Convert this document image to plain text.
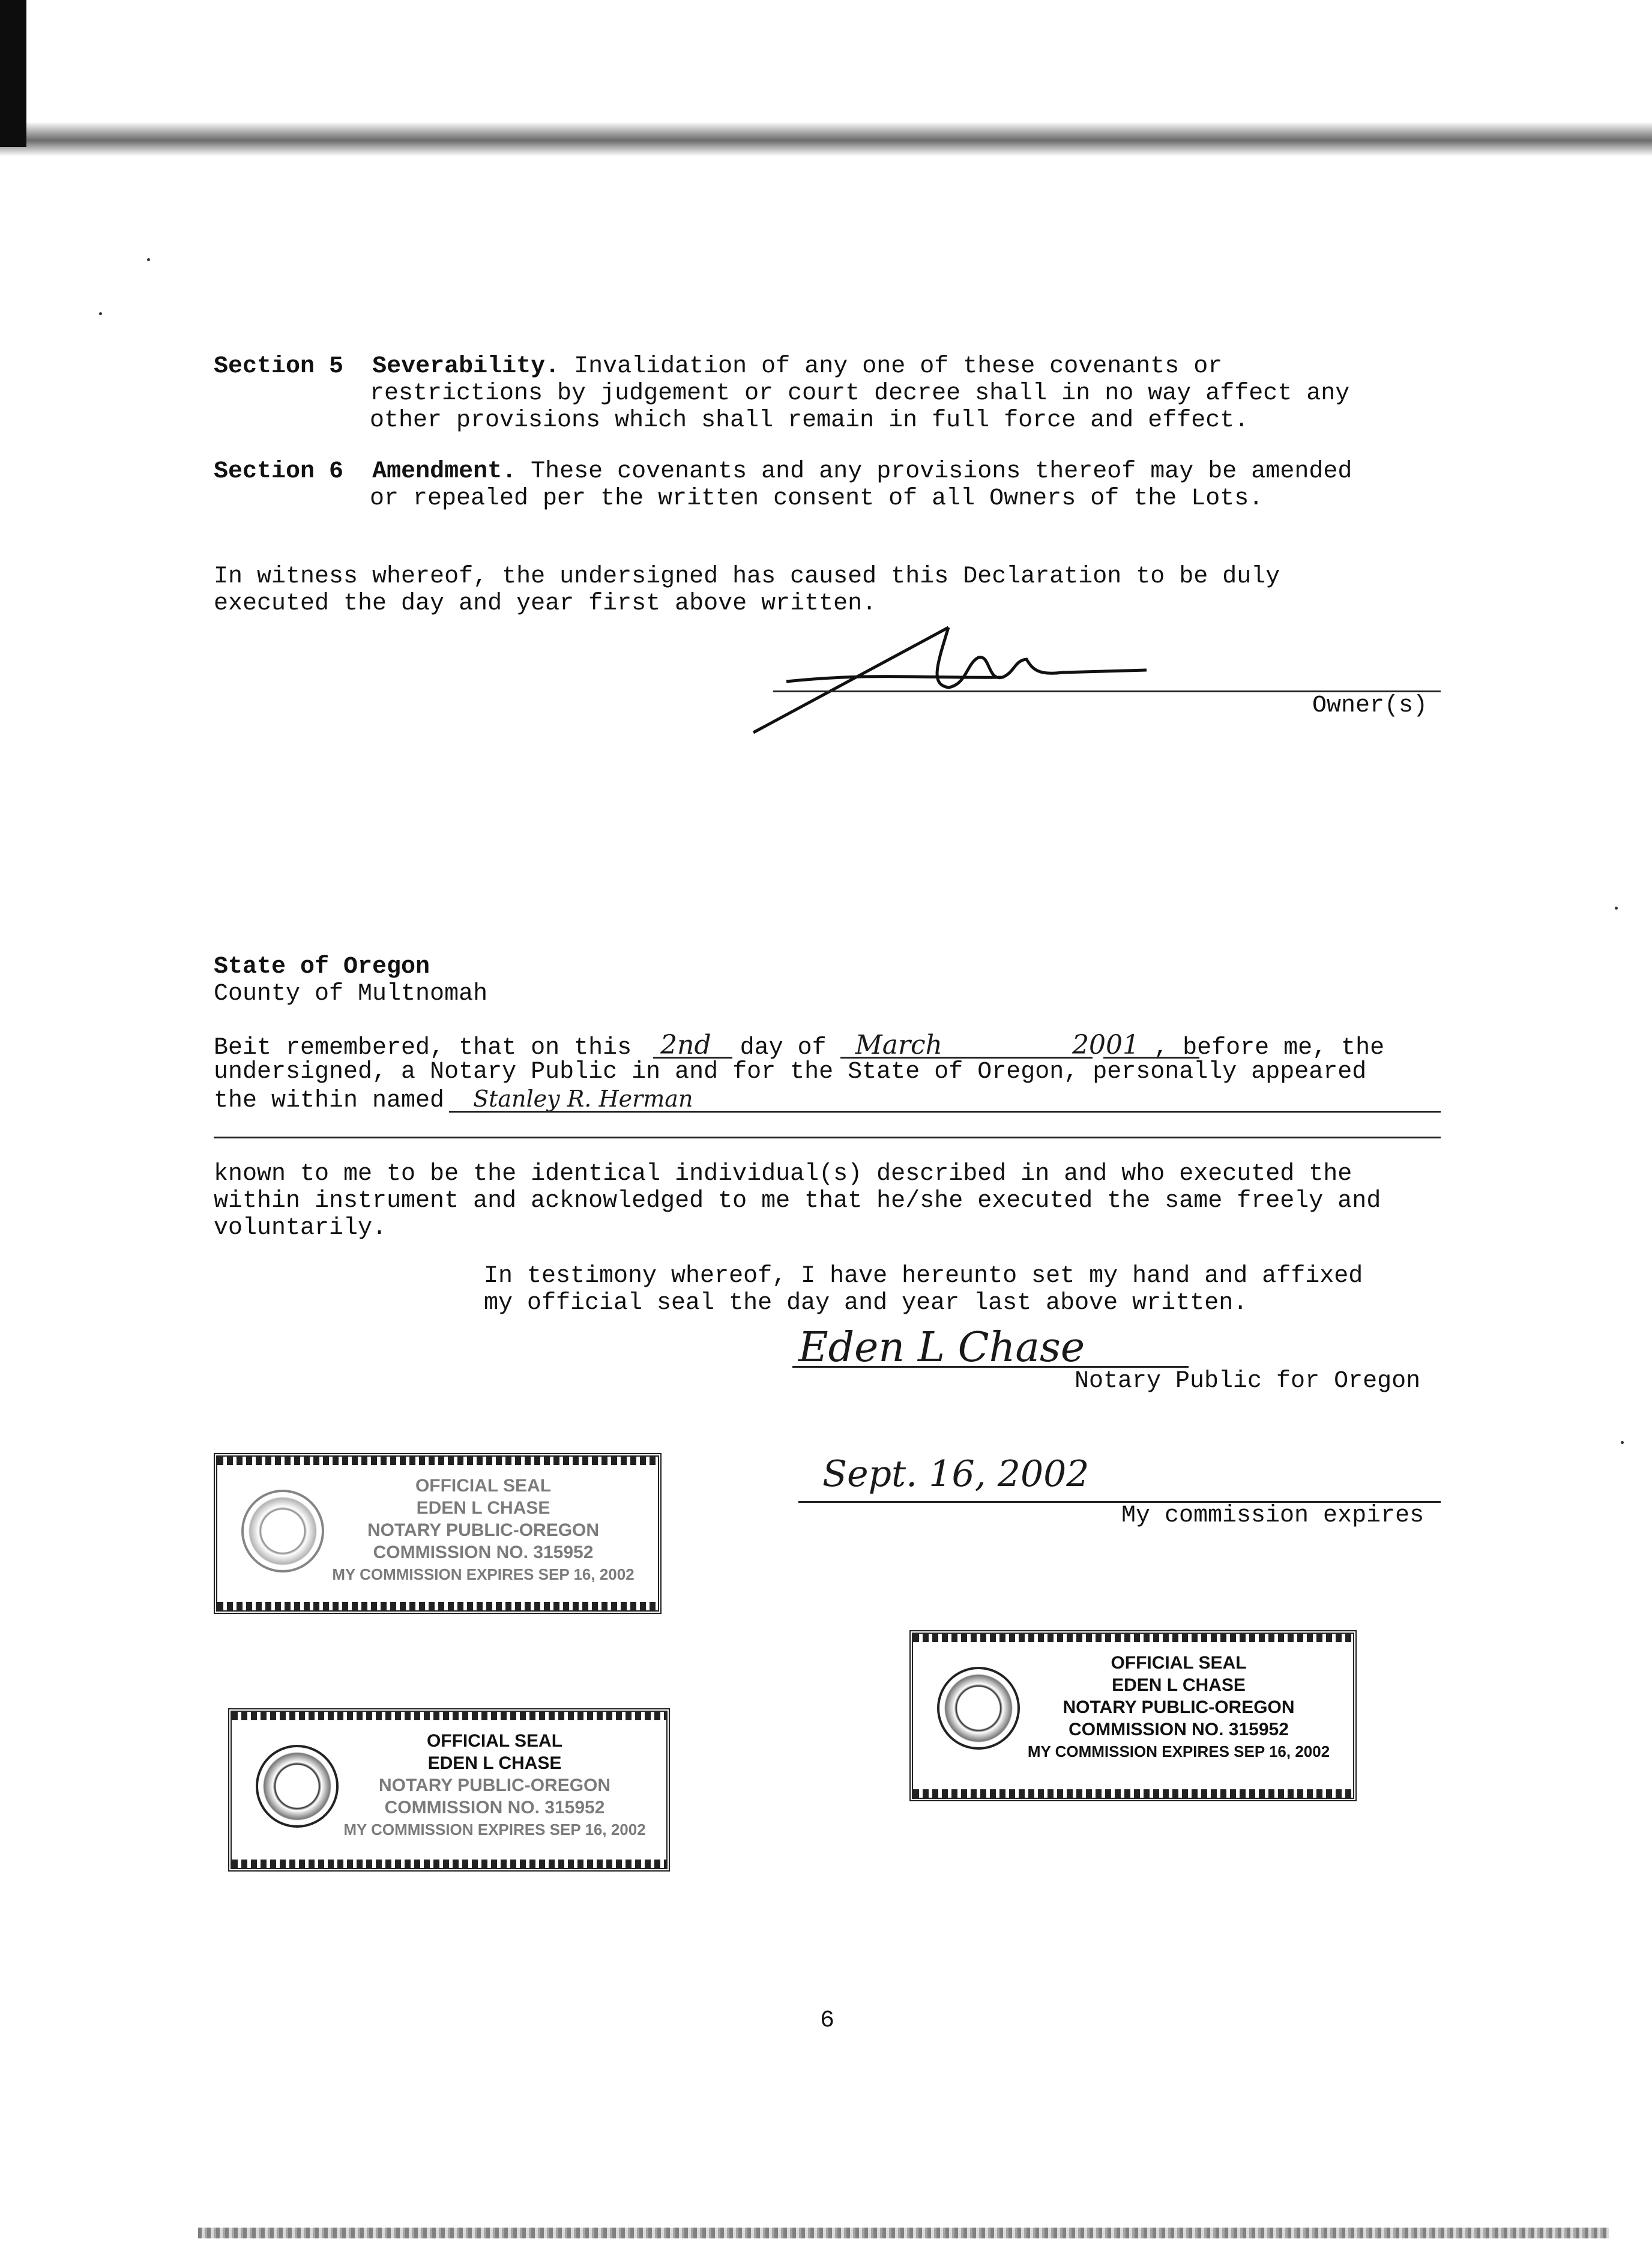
Section 5 Severability. Invalidation of any one of these covenants or
restrictions by judgement or court decree shall in no way affect any
other provisions which shall remain in full force and effect.
Section 6 Amendment. These covenants and any provisions thereof may be amended
or repealed per the written consent of all Owners of the Lots.
In witness whereof, the undersigned has caused this Declaration to be duly
executed the day and year first above written.
Owner(s)
State of Oregon
County of Multnomah
Beit remembered, that on this 2nd day of March	2001 , before me, the
undersigned, a Notary Public in and for the State of Oregon, personally appeared
the within named Stanley R. Herman
known to me to be the identical individual(s) described in and who executed the
within instrument and acknowledged to me that he/she executed the same freely and
voluntarily.
In testimony whereof, I have hereunto set my hand and affixed
my official seal the day and year last above written.
Eden L Chase
Notary Public for Oregon
Sept. 16, 2002
My commission expires
OFFICIAL SEAL
EDEN L CHASE
NOTARY PUBLIC-OREGON
COMMISSION NO. 315952
MY COMMISSION EXPIRES SEP 16, 2002
OFFICIAL SEAL
EDEN L CHASE
NOTARY PUBLIC-OREGON
COMMISSION NO. 315952
MY COMMISSION EXPIRES SEP 16, 2002
OFFICIAL SEAL
EDEN L CHASE
NOTARY PUBLIC-OREGON
COMMISSION NO. 315952
MY COMMISSION EXPIRES SEP 16, 2002
6
